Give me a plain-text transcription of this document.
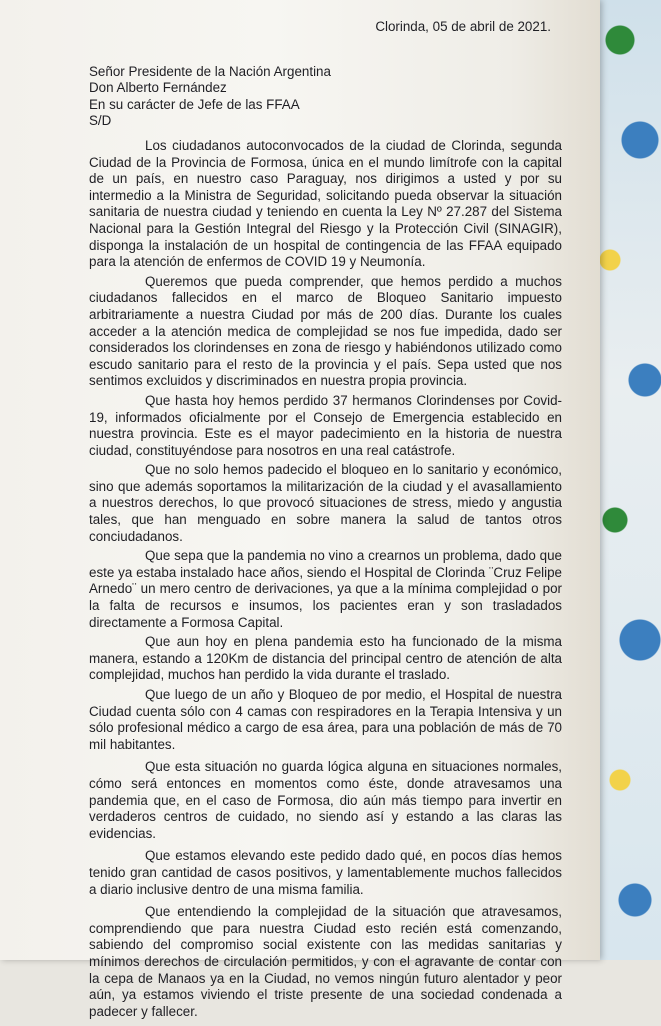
Clorinda, 05 de abril de 2021.
Señor Presidente de la Nación Argentina
Don Alberto Fernández
En su carácter de Jefe de las FFAA
S/D

Los ciudadanos autoconvocados de la ciudad de Clorinda, segunda Ciudad de la Provincia de Formosa, única en el mundo limítrofe con la capital de un país, en nuestro caso Paraguay, nos dirigimos a usted y por su intermedio a la Ministra de Seguridad, solicitando pueda observar la situación sanitaria de nuestra ciudad y teniendo en cuenta la Ley Nº 27.287 del Sistema Nacional para la Gestión Integral del Riesgo y la Protección Civil (SINAGIR), disponga la instalación de un hospital de contingencia de las FFAA equipado para la atención de enfermos de COVID 19 y Neumonía.

Queremos que pueda comprender, que hemos perdido a muchos ciudadanos fallecidos en el marco de Bloqueo Sanitario impuesto arbitrariamente a nuestra Ciudad por más de 200 días. Durante los cuales acceder a la atención medica de complejidad se nos fue impedida, dado ser considerados los clorindenses en zona de riesgo y habiéndonos utilizado como escudo sanitario para el resto de la provincia y el país. Sepa usted que nos sentimos excluidos y discriminados en nuestra propia provincia.

Que hasta hoy hemos perdido 37 hermanos Clorindenses por Covid-19, informados oficialmente por el Consejo de Emergencia establecido en nuestra provincia. Este es el mayor padecimiento en la historia de nuestra ciudad, constituyéndose para nosotros en una real catástrofe.

Que no solo hemos padecido el bloqueo en lo sanitario y económico, sino que además soportamos la militarización de la ciudad y el avasallamiento a nuestros derechos, lo que provocó situaciones de stress, miedo y angustia tales, que han menguado en sobre manera la salud de tantos otros conciudadanos.

Que sepa que la pandemia no vino a crearnos un problema, dado que este ya estaba instalado hace años, siendo el Hospital de Clorinda ¨Cruz Felipe Arnedo¨ un mero centro de derivaciones, ya que a la mínima complejidad o por la falta de recursos e insumos, los pacientes eran y son trasladados directamente a Formosa Capital.

Que aun hoy en plena pandemia esto ha funcionado de la misma manera, estando a 120Km de distancia del principal centro de atención de alta complejidad, muchos han perdido la vida durante el traslado.

Que luego de un año y Bloqueo de por medio, el Hospital de nuestra Ciudad cuenta sólo con 4 camas con respiradores en la Terapia Intensiva y un sólo profesional médico a cargo de esa área, para una población de más de 70 mil habitantes.

Que esta situación no guarda lógica alguna en situaciones normales, cómo será entonces en momentos como éste, donde atravesamos una pandemia que, en el caso de Formosa, dio aún más tiempo para invertir en verdaderos centros de cuidado, no siendo así y estando a las claras las evidencias.

Que estamos elevando este pedido dado qué, en pocos días hemos tenido gran cantidad de casos positivos, y lamentablemente muchos fallecidos a diario inclusive dentro de una misma familia.

Que entendiendo la complejidad de la situación que atravesamos, comprendiendo que para nuestra Ciudad esto recién está comenzando, sabiendo del compromiso social existente con las medidas sanitarias y mínimos derechos de circulación permitidos, y con el agravante de contar con la cepa de Manaos ya en la Ciudad, no vemos ningún futuro alentador y peor aún, ya estamos viviendo el triste presente de una sociedad condenada a padecer y fallecer.
